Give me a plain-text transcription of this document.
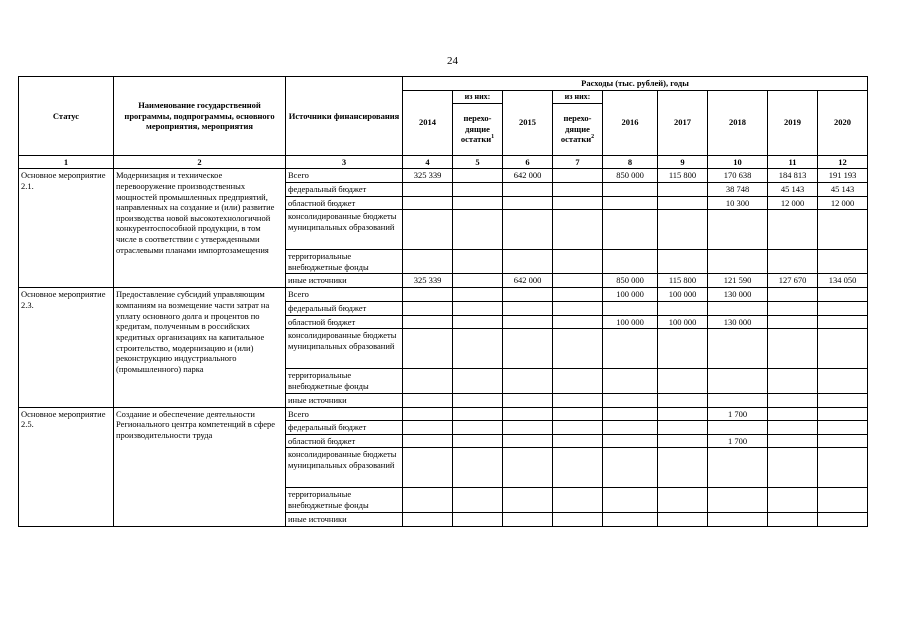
24
Статус	Наименование государственной программы, подпрограммы, основного мероприятия, мероприятия	Источники финансирования	Расходы (тыс. рублей), годы								
			2014	из них:	2015	из них:	2016	2017	2018	2019	2020
				перехо-дящие остатки$^1$		перехо-дящие остатки$^2$
1	2	3	4	5	6	7	8	9	10	11	12
Основное мероприятие 2.1.	Модернизация и техническое перевооружение производственных мощностей промышленных предприятий, направленных на создание и (или) развитие производства новой высокотехнологичной конкурентоспособной продукции, в том числе в соответствии с утвержденными отраслевыми планами импортозамещения	Всего	325 339		642 000		850 000	115 800	170 638	184 813	191 193
		федеральный бюджет							38 748	45 143	45 143
		областной бюджет							10 300	12 000	12 000
		консолидированные бюджеты муниципальных образований									
		территориальные внебюджетные фонды									
		иные источники	325 339		642 000		850 000	115 800	121 590	127 670	134 050
Основное мероприятие 2.3.	Предоставление субсидий управляющим компаниям на возмещение части затрат на уплату основного долга и процентов по кредитам, полученным в российских кредитных организациях на капитальное строительство, модернизацию и (или) реконструкцию индустриального (промышленного) парка	Всего					100 000	100 000	130 000		
		федеральный бюджет									
		областной бюджет					100 000	100 000	130 000		
		консолидированные бюджеты муниципальных образований									
		территориальные внебюджетные фонды									
		иные источники									
Основное мероприятие 2.5.	Создание и обеспечение деятельности Регионального центра компетенций в сфере производительности труда	Всего							1 700		
		федеральный бюджет									
		областной бюджет							1 700		
		консолидированные бюджеты муниципальных образований									
		территориальные внебюджетные фонды									
		иные источники									
